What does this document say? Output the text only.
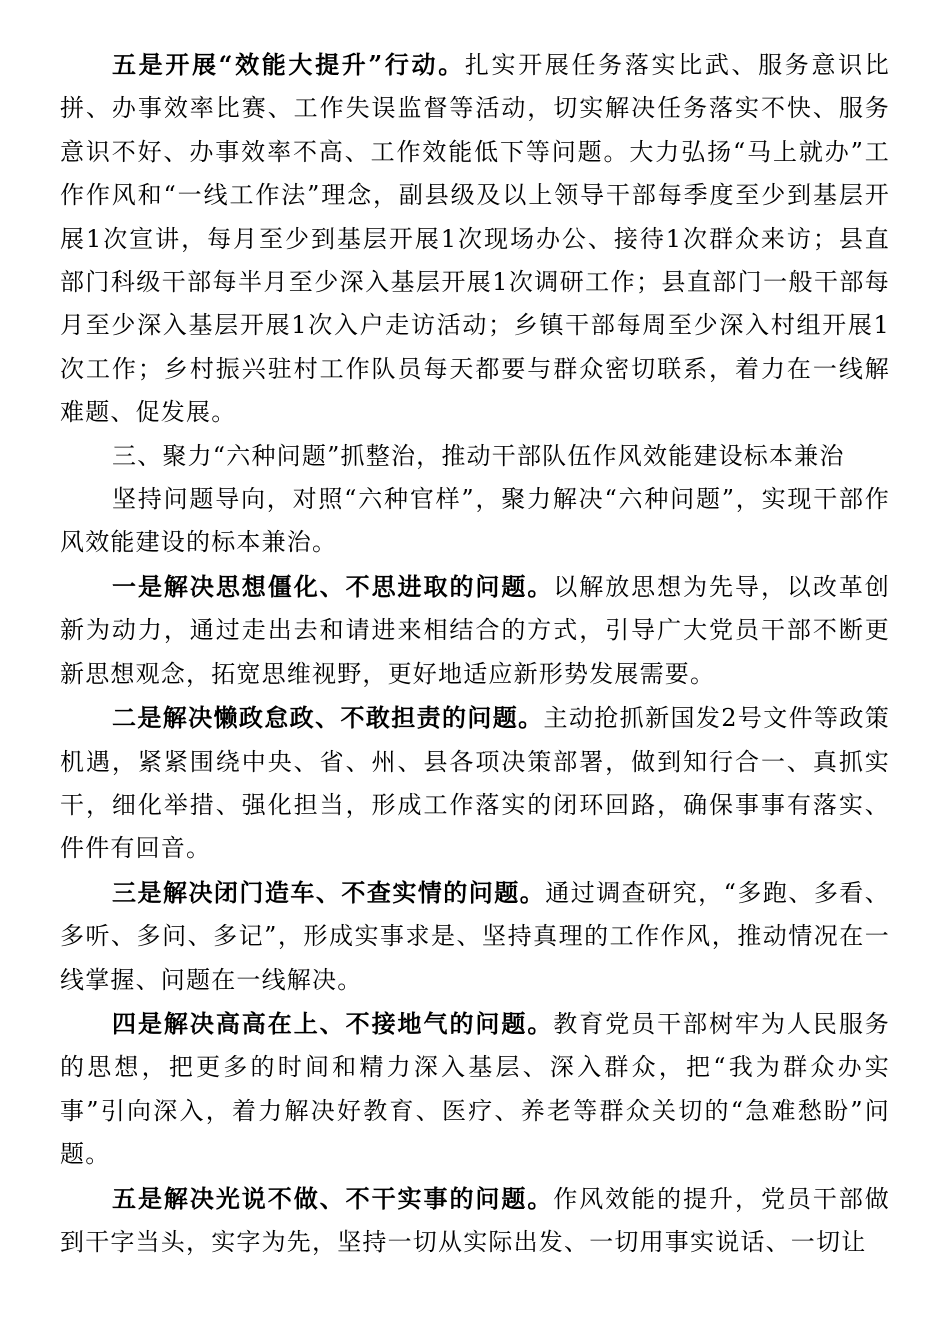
五是开展“效能大提升”行动。扎实开展任务落实比武、服务意识比拼、办事效率比赛、工作失误监督等活动，切实解决任务落实不快、服务意识不好、办事效率不高、工作效能低下等问题。大力弘扬“马上就办”工作作风和“一线工作法”理念，副县级及以上领导干部每季度至少到基层开展1次宣讲，每月至少到基层开展1次现场办公、接待1次群众来访；县直部门科级干部每半月至少深入基层开展1次调研工作；县直部门一般干部每月至少深入基层开展1次入户走访活动；乡镇干部每周至少深入村组开展1次工作；乡村振兴驻村工作队员每天都要与群众密切联系，着力在一线解难题、促发展。

三、聚力“六种问题”抓整治，推动干部队伍作风效能建设标本兼治

坚持问题导向，对照“六种官样”，聚力解决“六种问题”，实现干部作风效能建设的标本兼治。

一是解决思想僵化、不思进取的问题。以解放思想为先导，以改革创新为动力，通过走出去和请进来相结合的方式，引导广大党员干部不断更新思想观念，拓宽思维视野，更好地适应新形势发展需要。

二是解决懒政怠政、不敢担责的问题。主动抢抓新国发2号文件等政策机遇，紧紧围绕中央、省、州、县各项决策部署，做到知行合一、真抓实干，细化举措、强化担当，形成工作落实的闭环回路，确保事事有落实、件件有回音。

三是解决闭门造车、不查实情的问题。通过调查研究，“多跑、多看、多听、多问、多记”，形成实事求是、坚持真理的工作作风，推动情况在一线掌握、问题在一线解决。

四是解决高高在上、不接地气的问题。教育党员干部树牢为人民服务的思想，把更多的时间和精力深入基层、深入群众，把“我为群众办实事”引向深入，着力解决好教育、医疗、养老等群众关切的“急难愁盼”问题。

五是解决光说不做、不干实事的问题。作风效能的提升，党员干部做到干字当头，实字为先，坚持一切从实际出发、一切用事实说话、一切让
